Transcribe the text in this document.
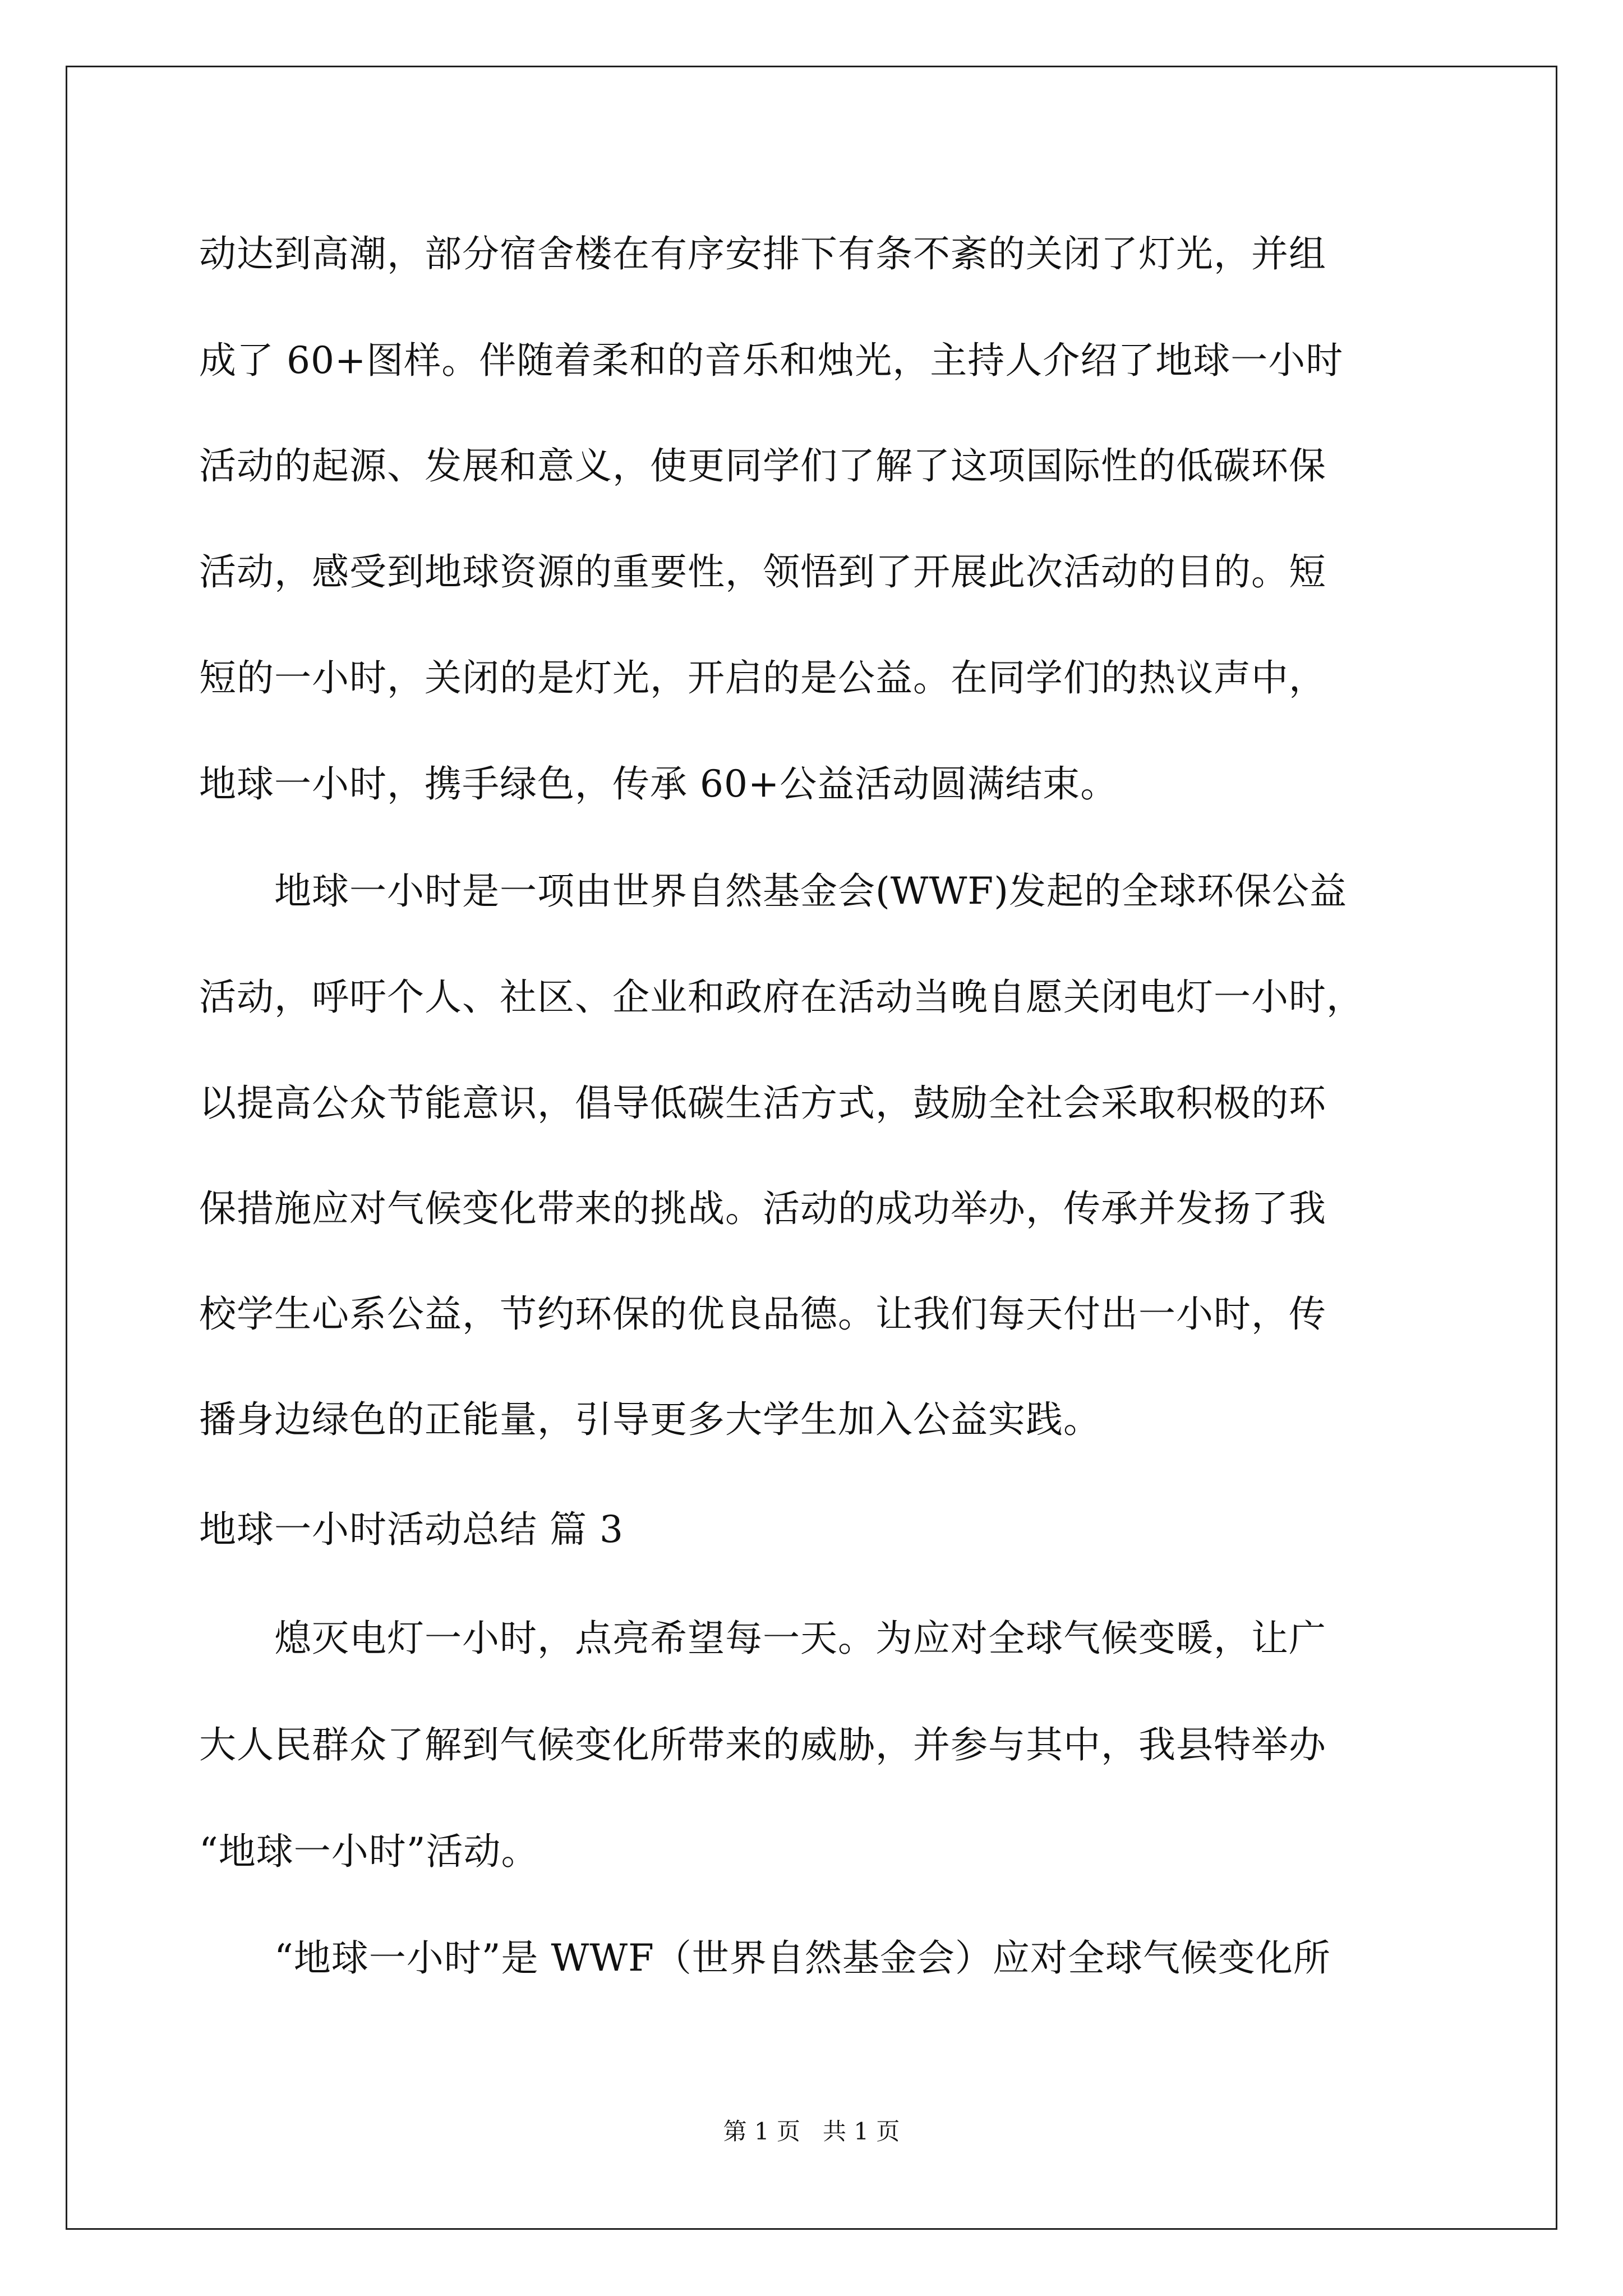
动达到高潮，部分宿舍楼在有序安排下有条不紊的关闭了灯光，并组
成了 60+图样。伴随着柔和的音乐和烛光，主持人介绍了地球一小时
活动的起源、发展和意义，使更同学们了解了这项国际性的低碳环保
活动，感受到地球资源的重要性，领悟到了开展此次活动的目的。短
短的一小时，关闭的是灯光，开启的是公益。在同学们的热议声中，
地球一小时，携手绿色，传承 60+公益活动圆满结束。
　　地球一小时是一项由世界自然基金会(WWF)发起的全球环保公益
活动，呼吁个人、社区、企业和政府在活动当晚自愿关闭电灯一小时，
以提高公众节能意识，倡导低碳生活方式，鼓励全社会采取积极的环
保措施应对气候变化带来的挑战。活动的成功举办，传承并发扬了我
校学生心系公益，节约环保的优良品德。让我们每天付出一小时，传
播身边绿色的正能量，引导更多大学生加入公益实践。
地球一小时活动总结 篇 3
　　熄灭电灯一小时，点亮希望每一天。为应对全球气候变暖，让广
大人民群众了解到气候变化所带来的威胁，并参与其中，我县特举办
“地球一小时”活动。
　　“地球一小时”是 WWF（世界自然基金会）应对全球气候变化所
第 1 页 共 1 页
